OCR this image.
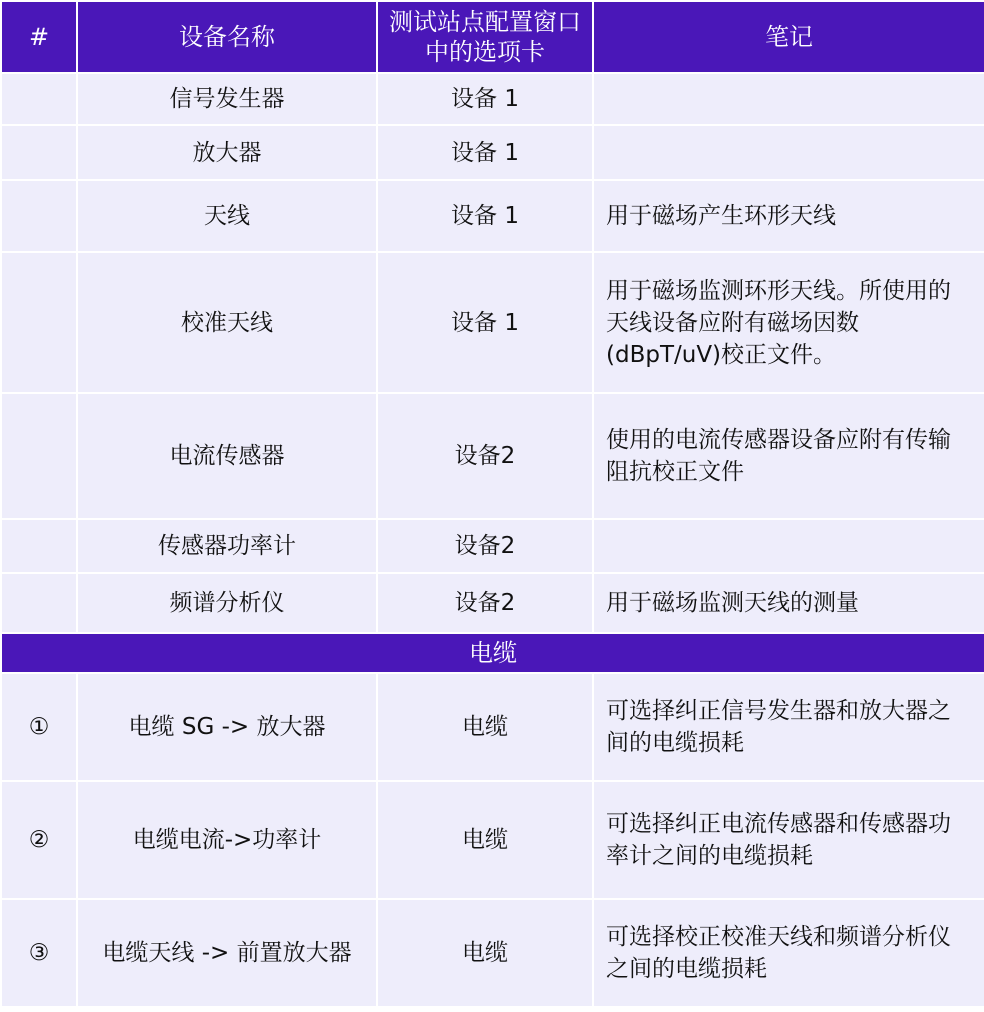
#	设备名称	测试站点配置窗口中的选项卡	笔记
	信号发生器	设备 1	
	放大器	设备 1	
	天线	设备 1	用于磁场产生环形天线
	校准天线	设备 1	用于磁场监测环形天线。所使用的天线设备应附有磁场因数(dBpT/uV)校正文件。
	电流传感器	设备2	使用的电流传感器设备应附有传输阻抗校正文件
	传感器功率计	设备2	
	频谱分析仪	设备2	用于磁场监测天线的测量
电缆			
①	电缆 SG -> 放大器	电缆	可选择纠正信号发生器和放大器之间的电缆损耗
②	电缆电流->功率计	电缆	可选择纠正电流传感器和传感器功率计之间的电缆损耗
③	电缆天线 -> 前置放大器	电缆	可选择校正校准天线和频谱分析仪之间的电缆损耗
